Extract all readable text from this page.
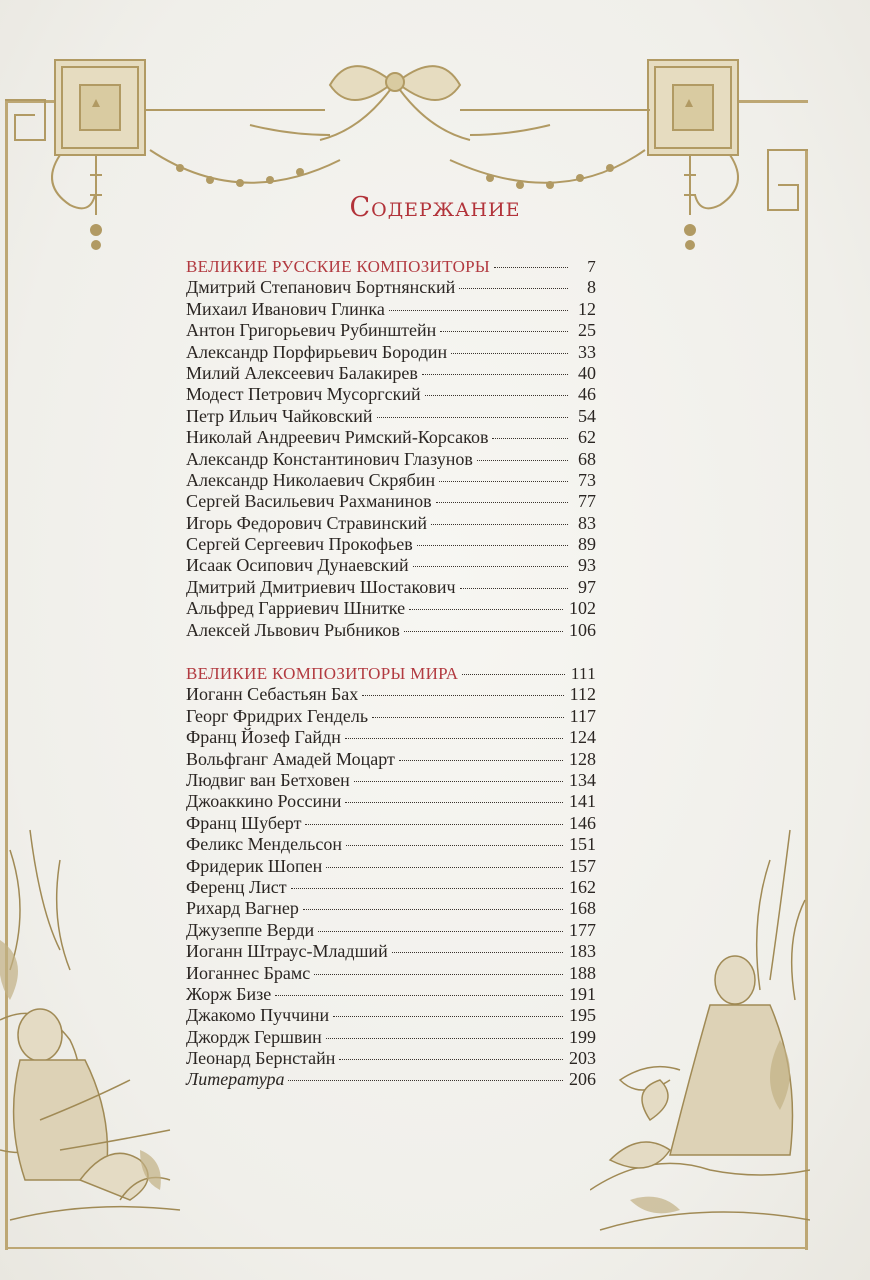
Содержание
ВЕЛИКИЕ РУССКИЕ КОМПОЗИТОРЫ	7
Дмитрий Степанович Бортнянский	8
Михаил Иванович Глинка	12
Антон Григорьевич Рубинштейн	25
Александр Порфирьевич Бородин	33
Милий Алексеевич Балакирев	40
Модест Петрович Мусоргский	46
Петр Ильич Чайковский	54
Николай Андреевич Римский-Корсаков	62
Александр Константинович Глазунов	68
Александр Николаевич Скрябин	73
Сергей Васильевич Рахманинов	77
Игорь Федорович Стравинский	83
Сергей Сергеевич Прокофьев	89
Исаак Осипович Дунаевский	93
Дмитрий Дмитриевич Шостакович	97
Альфред Гарриевич Шнитке	102
Алексей Львович Рыбников	106
ВЕЛИКИЕ КОМПОЗИТОРЫ МИРА	111
Иоганн Себастьян Бах	112
Георг Фридрих Гендель	117
Франц Йозеф Гайдн	124
Вольфганг Амадей Моцарт	128
Людвиг ван Бетховен	134
Джоаккино Россини	141
Франц Шуберт	146
Феликс Мендельсон	151
Фридерик Шопен	157
Ференц Лист	162
Рихард Вагнер	168
Джузеппе Верди	177
Иоганн Штраус-Младший	183
Иоганнес Брамс	188
Жорж Бизе	191
Джакомо Пуччини	195
Джордж Гершвин	199
Леонард Бернстайн	203
Литература	206
